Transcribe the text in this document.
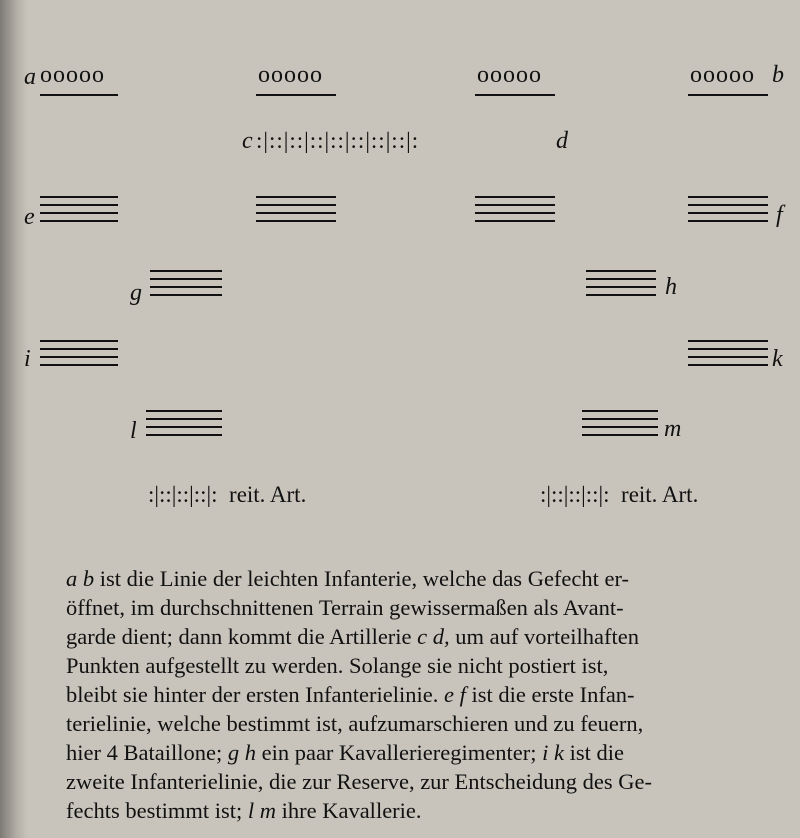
a ooooo	ooooo	ooooo	ooooo b
c :|::|::|::|::|::|::|::|:	d
e	f
g	h
i	k
l	m
:|::|::|::|:  reit. Art.	:|::|::|::|:  reit. Art.

a b ist die Linie der leichten Infanterie, welche das Gefecht er-

öffnet, im durchschnittenen Terrain gewissermaßen als Avant-

garde dient; dann kommt die Artillerie c d, um auf vorteilhaften

Punkten aufgestellt zu werden. Solange sie nicht postiert ist,

bleibt sie hinter der ersten Infanterielinie. e f ist die erste Infan-

terielinie, welche bestimmt ist, aufzumarschieren und zu feuern,

hier 4 Bataillone; g h ein paar Kavallerieregimenter; i k ist die

zweite Infanterielinie, die zur Reserve, zur Entscheidung des Ge-

fechts bestimmt ist; l m ihre Kavallerie.
